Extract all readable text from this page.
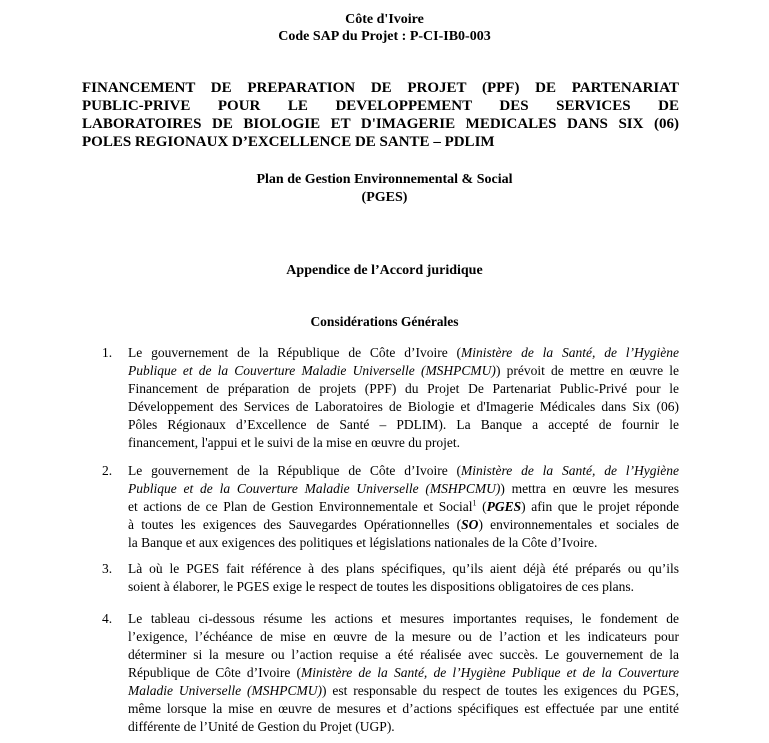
Côte d'Ivoire
Code SAP du Projet : P-CI-IB0-003
FINANCEMENT DE PREPARATION DE PROJET (PPF) DE PARTENARIAT
PUBLIC-PRIVE POUR LE DEVELOPPEMENT DES SERVICES DE
LABORATOIRES DE BIOLOGIE ET D'IMAGERIE MEDICALES DANS SIX (06)
POLES REGIONAUX D’EXCELLENCE DE SANTE – PDLIM
Plan de Gestion Environnemental & Social
(PGES)
Appendice de l’Accord juridique
Considérations Générales
1. Le gouvernement de la République de Côte d’Ivoire (Ministère de la Santé, de l’Hygiène
Publique et de la Couverture Maladie Universelle (MSHPCMU)) prévoit de mettre en œuvre le
Financement de préparation de projets (PPF) du Projet De Partenariat Public-Privé pour le
Développement des Services de Laboratoires de Biologie et d'Imagerie Médicales dans Six (06)
Pôles Régionaux d’Excellence de Santé – PDLIM). La Banque a accepté de fournir le
financement, l'appui et le suivi de la mise en œuvre du projet.
2. Le gouvernement de la République de Côte d’Ivoire (Ministère de la Santé, de l’Hygiène
Publique et de la Couverture Maladie Universelle (MSHPCMU)) mettra en œuvre les mesures
et actions de ce Plan de Gestion Environnementale et Social$^1$ (PGES) afin que le projet réponde
à toutes les exigences des Sauvegardes Opérationnelles (SO) environnementales et sociales de
la Banque et aux exigences des politiques et législations nationales de la Côte d’Ivoire.
3. Là où le PGES fait référence à des plans spécifiques, qu’ils aient déjà été préparés ou qu’ils
soient à élaborer, le PGES exige le respect de toutes les dispositions obligatoires de ces plans.
4. Le tableau ci-dessous résume les actions et mesures importantes requises, le fondement de
l’exigence, l’échéance de mise en œuvre de la mesure ou de l’action et les indicateurs pour
déterminer si la mesure ou l’action requise a été réalisée avec succès. Le gouvernement de la
République de Côte d’Ivoire (Ministère de la Santé, de l’Hygiène Publique et de la Couverture
Maladie Universelle (MSHPCMU)) est responsable du respect de toutes les exigences du PGES,
même lorsque la mise en œuvre de mesures et d’actions spécifiques est effectuée par une entité
différente de l’Unité de Gestion du Projet (UGP).
